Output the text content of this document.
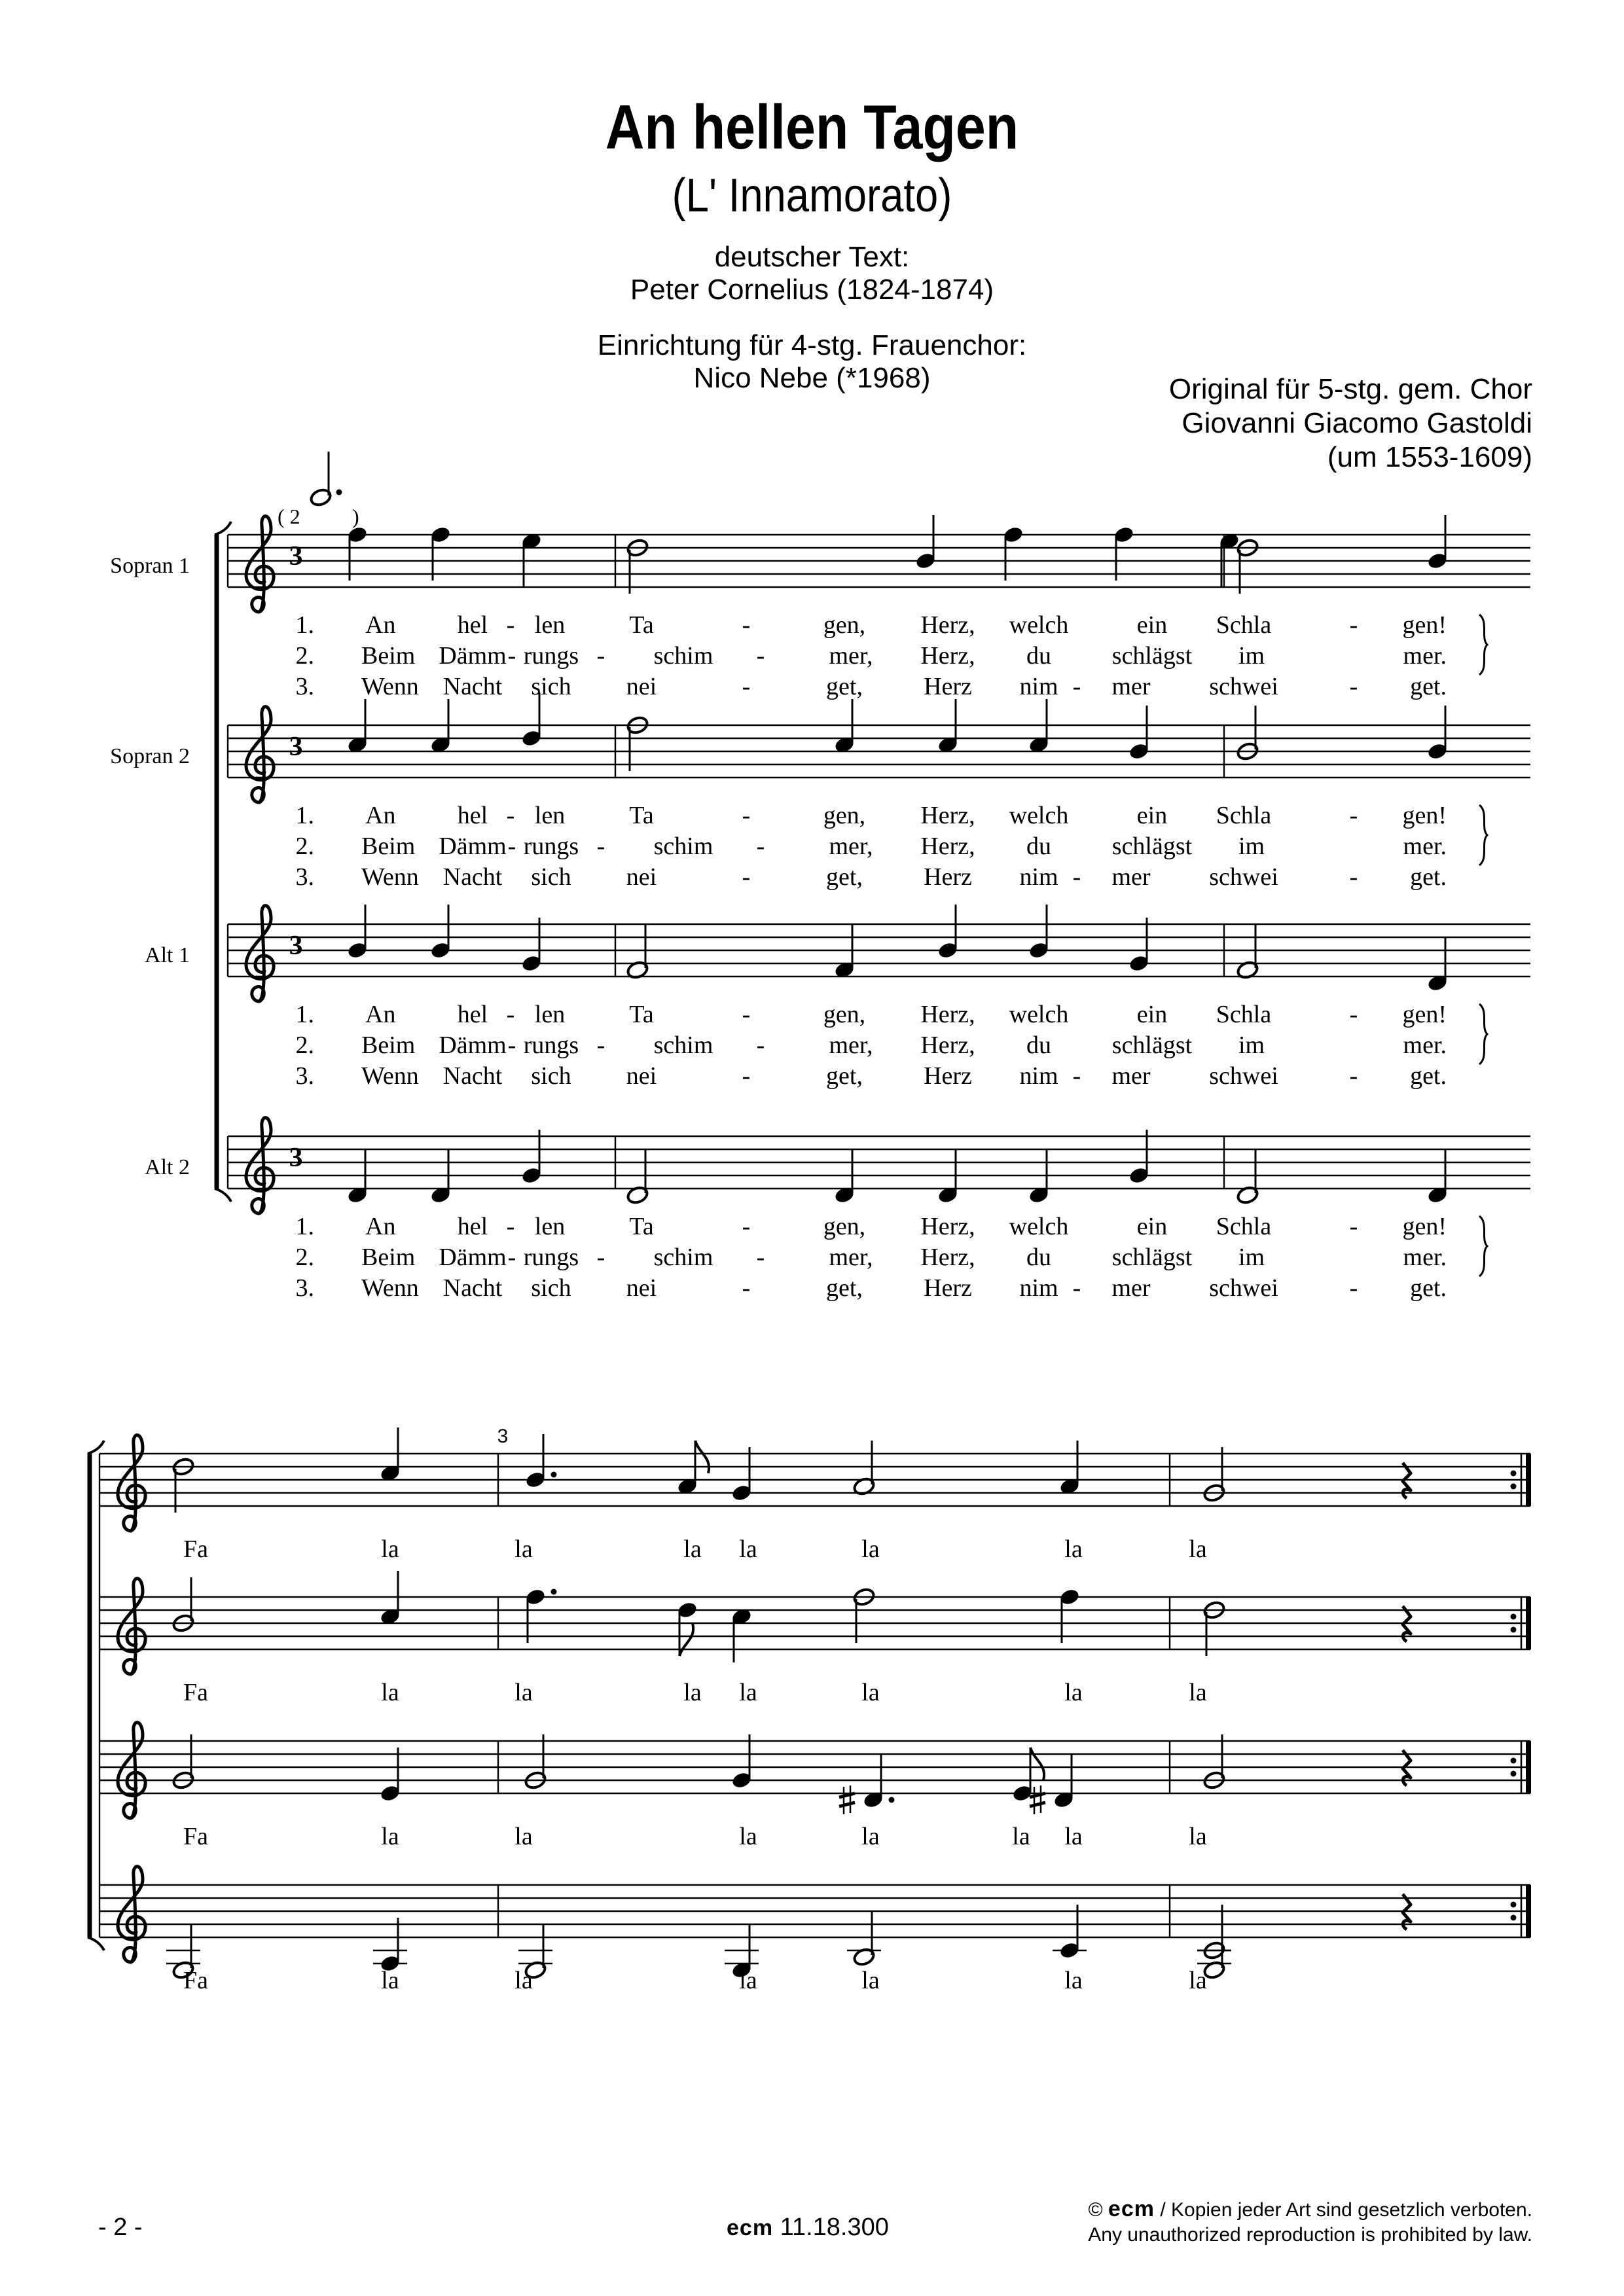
An hellen Tagen
(L' Innamorato)
deutscher Text:
Peter Cornelius (1824-1874)
Einrichtung für 4-stg. Frauenchor:
Nico Nebe (*1968)	Original für 5-stg. gem. Chor
Giovanni Giacomo Gastoldi
(um 1553-1609)
3
Sopran 1
1. An hel - len	Ta	-	gen, Herz, welch	ein Schla	- gen!
2. Beim Dämm - rungs - schim -	mer, Herz, du schlägst im	mer.
3. Wenn Nacht sich nei	-	get, Herz nim - mer schwei	- get.
3
Sopran 2
1. An hel - len	Ta	-	gen, Herz, welch	ein Schla	- gen!
2. Beim Dämm - rungs - schim -	mer, Herz, du schlägst im	mer.
3. Wenn Nacht sich nei	-	get, Herz nim - mer schwei	- get.
3
Alt 1
1. An hel - len	Ta	-	gen, Herz, welch	ein Schla	- gen!
2. Beim Dämm - rungs - schim -	mer, Herz, du schlägst im	mer.
3. Wenn Nacht sich nei	-	get, Herz nim - mer schwei	- get.
3
Alt 2
1. An hel - len	Ta	-	gen, Herz, welch	ein Schla	- gen!
2. Beim Dämm - rungs - schim -	mer, Herz, du schlägst im	mer.
3. Wenn Nacht sich nei	-	get, Herz nim - mer schwei	- get.
( 2 )
Fa	la	la	la la	la	la	la
Fa	la	la	la la	la	la	la
Fa	la	la	la	la	la la	la
Fa	la	la	la	la	la	la
3
- 2 -	ecm 11.18.300
© ecm / Kopien jeder Art sind gesetzlich verboten.
Any unauthorized reproduction is prohibited by law.
